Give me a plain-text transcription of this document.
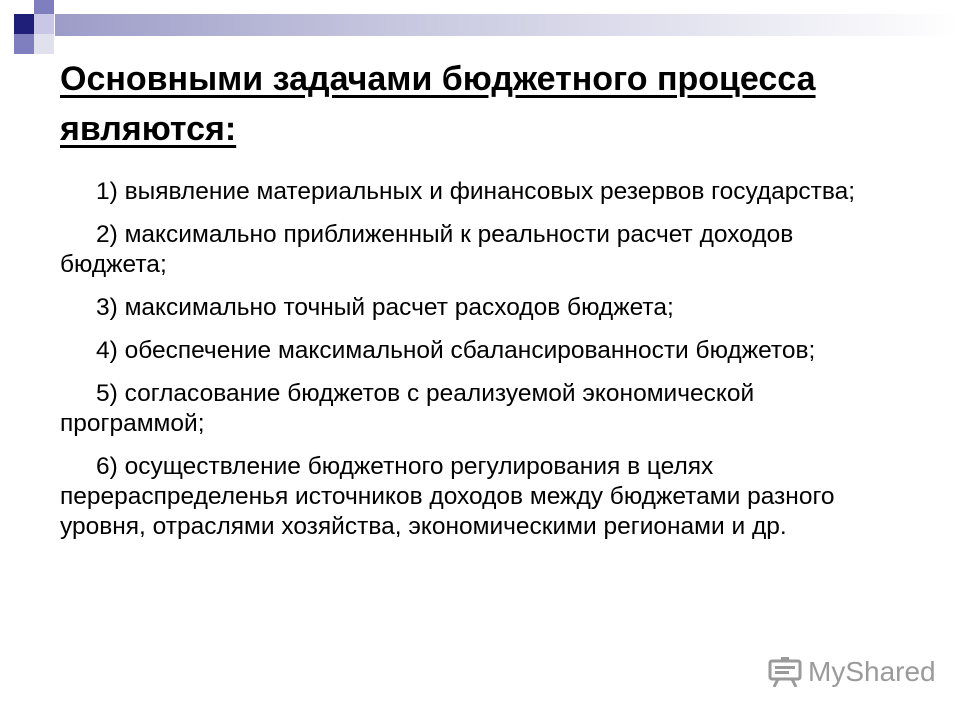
Основными задачами бюджетного процесса являются:
1) выявление материальных и финансовых резервов государства;
2) максимально приближенный к реальности расчет доходов бюджета;
3) максимально точный расчет расходов бюджета;
4) обеспечение максимальной сбалансированности бюджетов;
5) согласование бюджетов с реализуемой экономической программой;
6) осуществление бюджетного регулирования в целях перераспределенья источников доходов между бюджетами разного уровня, отраслями хозяйства, экономическими регионами и др.
MyShared
